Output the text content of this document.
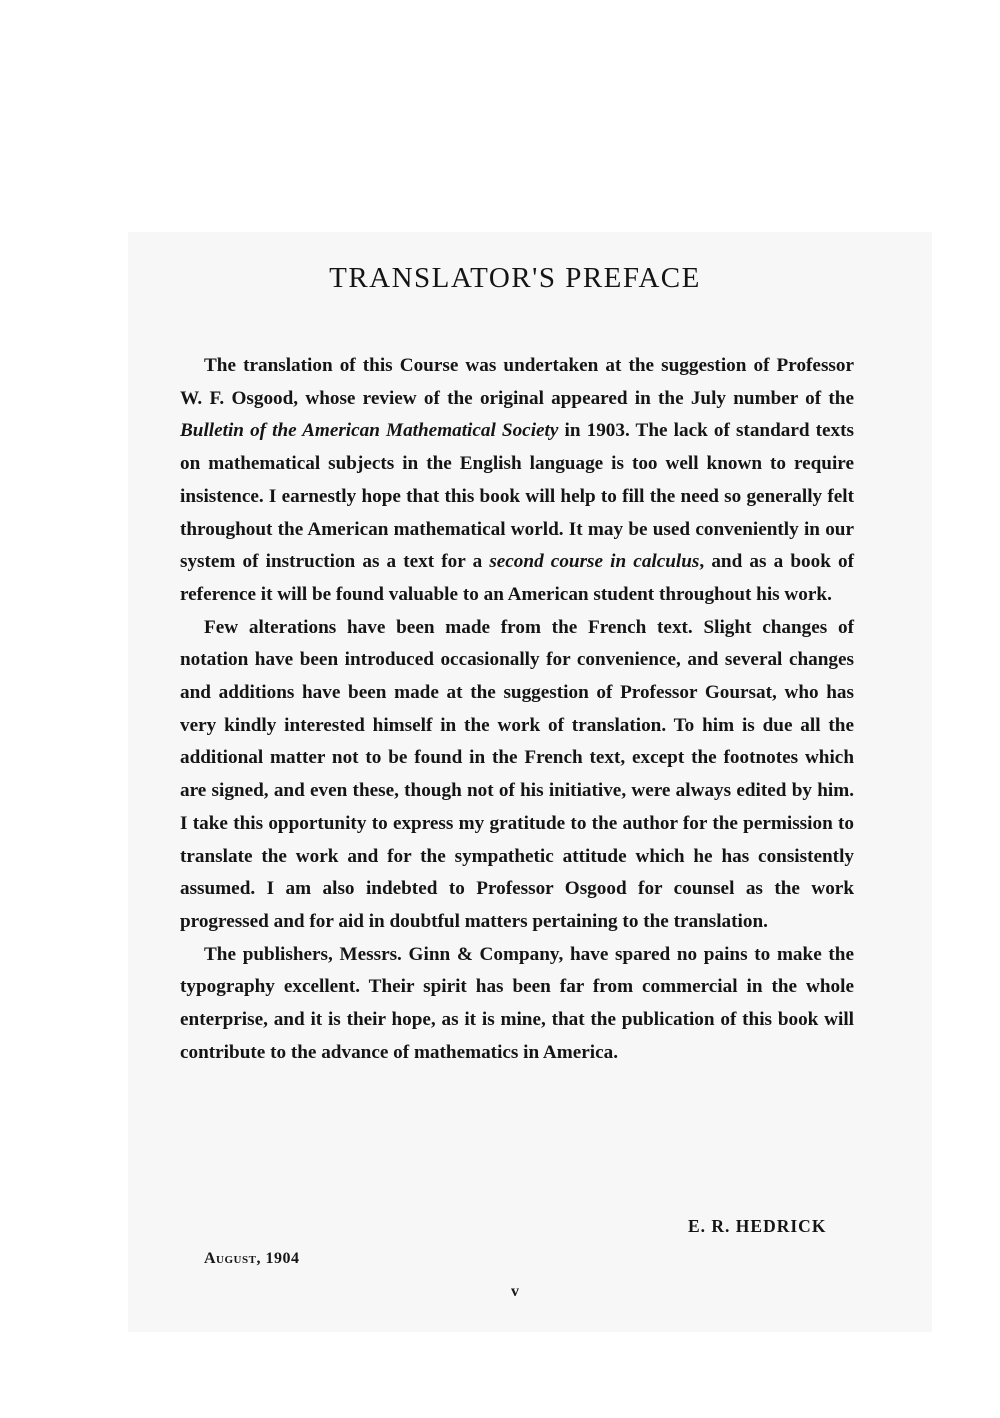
TRANSLATOR'S PREFACE

The translation of this Course was undertaken at the suggestion of Professor W. F. Osgood, whose review of the original appeared in the July number of the Bulletin of the American Mathematical Society in 1903. The lack of standard texts on mathematical subjects in the English language is too well known to require insistence. I earnestly hope that this book will help to fill the need so generally felt throughout the American mathematical world. It may be used conveniently in our system of instruction as a text for a second course in calculus, and as a book of reference it will be found valuable to an American student throughout his work.

Few alterations have been made from the French text. Slight changes of notation have been introduced occasionally for convenience, and several changes and additions have been made at the suggestion of Professor Goursat, who has very kindly interested himself in the work of translation. To him is due all the additional matter not to be found in the French text, except the footnotes which are signed, and even these, though not of his initiative, were always edited by him. I take this opportunity to express my gratitude to the author for the permission to translate the work and for the sympathetic attitude which he has consistently assumed. I am also indebted to Professor Osgood for counsel as the work progressed and for aid in doubtful matters pertaining to the translation.

The publishers, Messrs. Ginn & Company, have spared no pains to make the typography excellent. Their spirit has been far from commercial in the whole enterprise, and it is their hope, as it is mine, that the publication of this book will contribute to the advance of mathematics in America.

E. R. HEDRICK
August, 1904
v
